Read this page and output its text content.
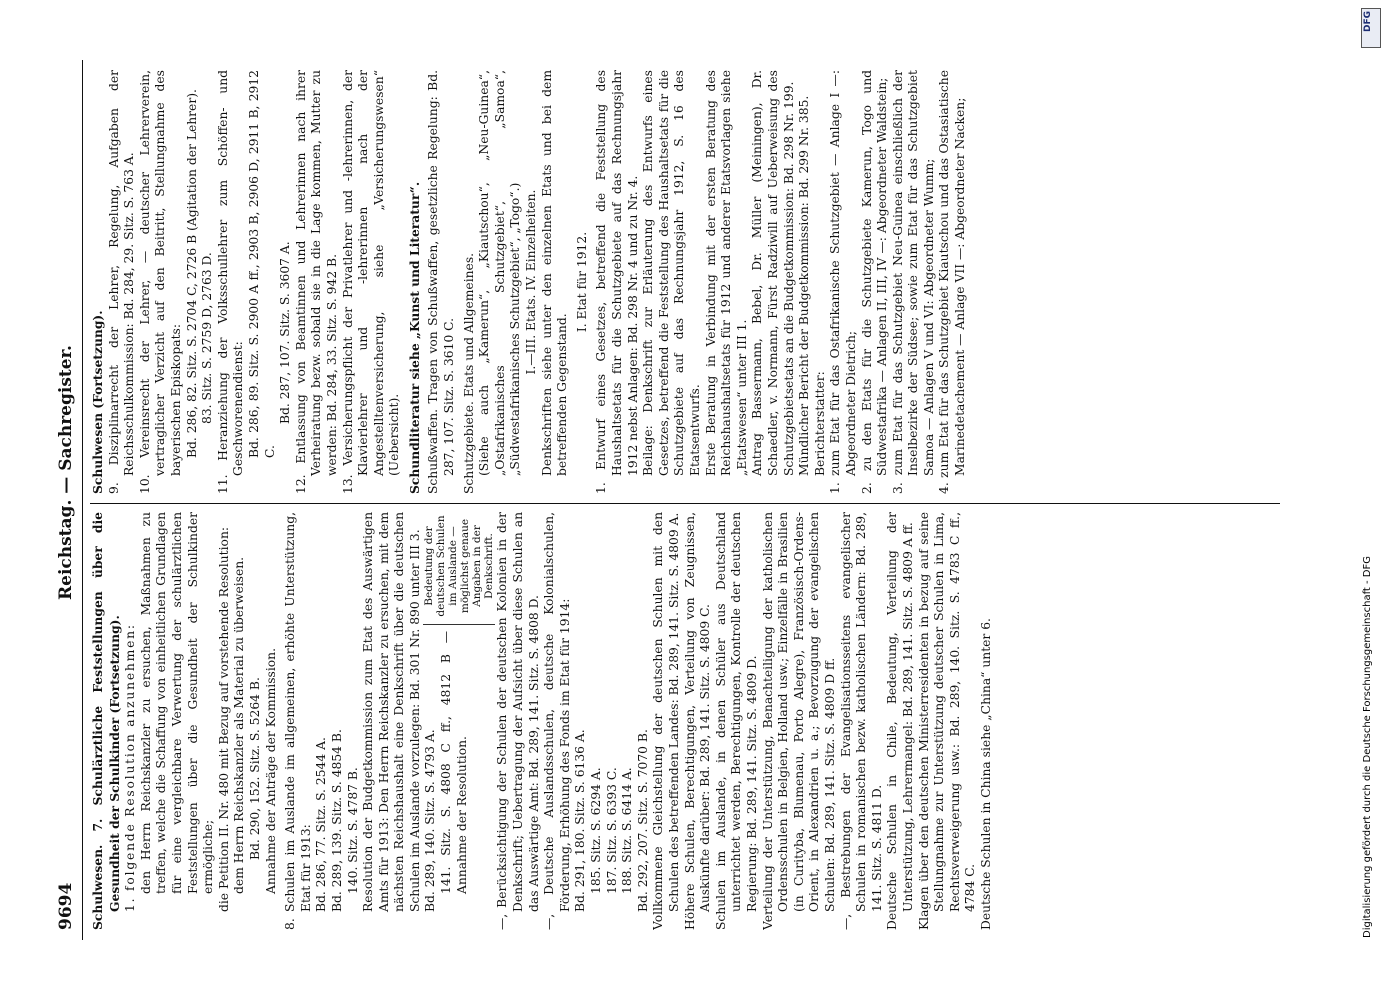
9694
Reichstag. — Sachregister.

Schulwesen. 7. Schulärztliche Feststellungen über die Gesundheit der Schulkinder (Fortsetzung). 1. folgende Resolution anzunehmen: den Herrn Reichskanzler zu ersuchen, Maßnahmen zu treffen, welche die Schaffung von einheitlichen Grundlagen für eine vergleichbare Verwertung der schulärztlichen Feststellungen über die Gesundheit der Schulkinder ermögliche; die Petition II. Nr. 480 mit Bezug auf vorstehende Resolution: dem Herrn Reichskanzler als Material zu überweisen. Bd. 290, 152. Sitz. S. 5264 B. Annahme der Anträge der Kommission. 8. Schulen im Auslande im allgemeinen, erhöhte Unterstützung, Etat für 1913: Bd. 286, 77. Sitz. S. 2544 A. Bd. 289, 139. Sitz. S. 4854 B. 140. Sitz. S. 4787 B. Resolution der Budgetkommission zum Etat des Auswärtigen Amts für 1913: Den Herrn Reichskanzler zu ersuchen, mit dem nächsten Reichshaushalt eine Denkschrift über die deutschen Schulen im Auslande vorzulegen: Bd. 301 Nr. 890 unter III 3. Bedeutung der deutschen Schulen im Auslande — möglichst genaue Angaben in der Denkschrift.

Bd. 289, 140. Sitz. S. 4793 A. 141. Sitz. S. 4808 C ff., 4812 B — Annahme der Resolution. —, Berücksichtigung der Schulen der deutschen Kolonien in der Denkschrift; Uebertragung der Aufsicht über diese Schulen an das Auswärtige Amt: Bd. 289, 141. Sitz. S. 4808 D. —, Deutsche Auslandsschulen, deutsche Kolonialschulen, Förderung, Erhöhung des Fonds im Etat für 1914: Bd. 291, 180. Sitz. S. 6136 A. 185. Sitz. S. 6294 A. 187. Sitz. S. 6393 C. 188. Sitz. S. 6414 A. Bd. 292, 207. Sitz. S. 7070 B. Vollkommene Gleichstellung der deutschen Schulen mit den Schulen des betreffenden Landes: Bd. 289, 141. Sitz. S. 4809 A. Höhere Schulen, Berechtigungen, Verteilung von Zeugnissen, Auskünfte darüber: Bd. 289, 141. Sitz. S. 4809 C. Schulen im Auslande, in denen Schüler aus Deutschland unterrichtet werden, Berechtigungen, Kontrolle der deutschen Regierung: Bd. 289, 141. Sitz. S. 4809 D. Verteilung der Unterstützung, Benachteiligung der katholischen Ordensschulen in Belgien, Holland usw.; Einzelfälle in Brasilien (in Curityba, Blumenau, Porto Alegre), Französisch-Ordens-Orient, in Alexandrien u. a.; Bevorzugung der evangelischen Schulen: Bd. 289, 141. Sitz. S. 4809 D ff. —, Bestrebungen der Evangelisationsseitens evangelischer Schulen in romanischen bezw. katholischen Ländern: Bd. 289, 141. Sitz. S. 4811 D. Deutsche Schulen in Chile, Bedeutung, Verteilung der Unterstützung, Lehrermangel: Bd. 289, 141. Sitz. S. 4809 A ff. Klagen über den deutschen Ministerresidenten in bezug auf seine Stellungnahme zur Unterstützung deutscher Schulen in Lima, Rechtsverweigerung usw.: Bd. 289, 140. Sitz. S. 4783 C ff., 4784 C. Deutsche Schulen in China siehe „China“ unter 6.

Schulwesen (Fortsetzung). 9. Disziplinarrecht der Lehrer, Regelung, Aufgaben der Reichsschulkommission: Bd. 284, 29. Sitz. S. 763 A. 10. Vereinsrecht der Lehrer, — deutscher Lehrerverein, vertraglicher Verzicht auf den Beitritt, Stellungnahme des bayerischen Episkopats: Bd. 286, 82. Sitz. S. 2704 C, 2726 B (Agitation der Lehrer). 83. Sitz. S. 2759 D, 2763 D. 11. Heranziehung der Volksschullehrer zum Schöffen- und Geschworenendienst: Bd. 286, 89. Sitz. S. 2900 A ff., 2903 B, 2906 D, 2911 B, 2912 C.

Bd. 287, 107. Sitz. S. 3607 A. 12. Entlassung von Beamtinnen und Lehrerinnen nach ihrer Verheiratung bezw. sobald sie in die Lage kommen, Mutter zu werden: Bd. 284, 33. Sitz. S. 942 B. 13. Versicherungspflicht der Privatlehrer und -lehrerinnen, der Klavierlehrer und -lehrerinnen nach der Angestelltenversicherung, siehe „Versicherungswesen“ (Uebersicht). Schundliteratur siehe „Kunst und Literatur“. Schußwaffen. Tragen von Schußwaffen, gesetzliche Regelung: Bd. 287, 107. Sitz. S. 3610 C. Schutzgebiete. Etats und Allgemeines. (Siehe auch „Kamerun“, „Kiautschou“, „Neu-Guinea“, „Ostafrikanisches Schutzgebiet“, „Samoa“, „Südwestafrikanisches Schutzgebiet“, „Togo“.) I.—III. Etats. IV. Einzelheiten. Denkschriften siehe unter den einzelnen Etats und bei dem betreffenden Gegenstand.

I. Etat für 1912. 1. Entwurf eines Gesetzes, betreffend die Feststellung des Haushaltsetats für die Schutzgebiete auf das Rechnungsjahr 1912 nebst Anlagen: Bd. 298 Nr. 4 und zu Nr. 4. Beilage: Denkschrift zur Erläuterung des Entwurfs eines Gesetzes, betreffend die Feststellung des Haushaltsetats für die Schutzgebiete auf das Rechnungsjahr 1912, S. 16 des Etatsentwurfs. Erste Beratung in Verbindung mit der ersten Beratung des Reichshaushaltsetats für 1912 und anderer Etatsvorlagen siehe „Etatswesen“ unter III 1. Antrag Bassermann, Bebel, Dr. Müller (Meiningen), Dr. Schaedler, v. Normann, Fürst Radziwill auf Ueberweisung des Schutzgebietsetats an die Budgetkommission: Bd. 298 Nr. 199. Mündlicher Bericht der Budgetkommission: Bd. 299 Nr. 385. Berichterstatter: 1. zum Etat für das Ostafrikanische Schutzgebiet — Anlage I —: Abgeordneter Dietrich; 2. zu den Etats für die Schutzgebiete Kamerun, Togo und Südwestafrika — Anlagen II, III, IV —: Abgeordneter Waldstein; 3. zum Etat für das Schutzgebiet Neu-Guinea einschließlich der Inselbezirke der Südsee; sowie zum Etat für das Schutzgebiet Samoa — Anlagen V und VI: Abgeordneter Wumm; 4. zum Etat für das Schutzgebiet Kiautschou und das Ostasiatische Marinedetachement — Anlage VII —: Abgeordneter Nacken;

DFG
Digitalisierung gefördert durch die Deutsche Forschungsgemeinschaft - DFG
